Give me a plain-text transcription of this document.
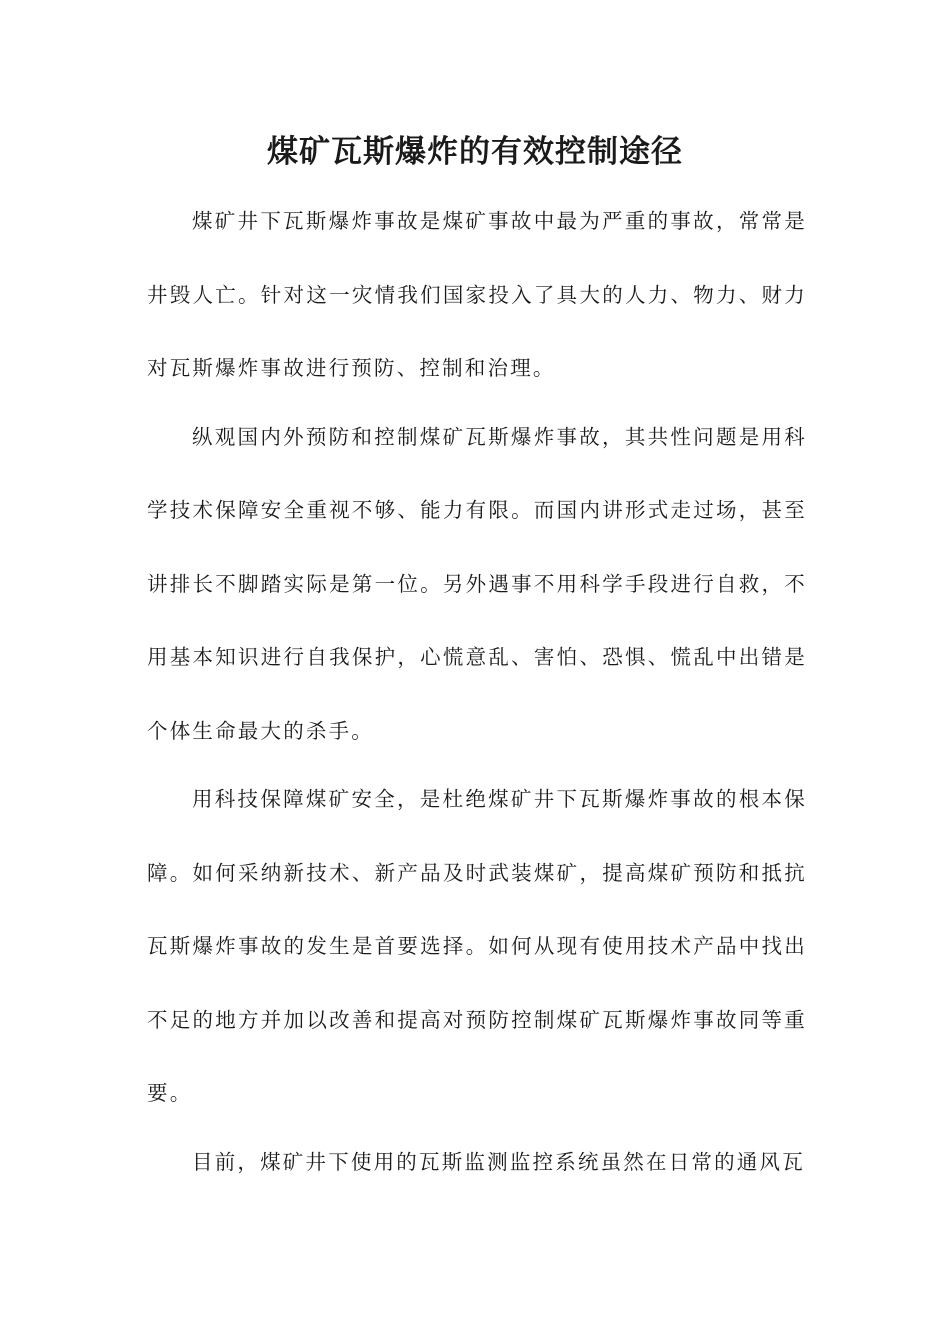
煤矿瓦斯爆炸的有效控制途径

煤矿井下瓦斯爆炸事故是煤矿事故中最为严重的事故，常常是井毁人亡。针对这一灾情我们国家投入了具大的人力、物力、财力对瓦斯爆炸事故进行预防、控制和治理。

纵观国内外预防和控制煤矿瓦斯爆炸事故，其共性问题是用科学技术保障安全重视不够、能力有限。而国内讲形式走过场，甚至讲排长不脚踏实际是第一位。另外遇事不用科学手段进行自救，不用基本知识进行自我保护，心慌意乱、害怕、恐惧、慌乱中出错是个体生命最大的杀手。

用科技保障煤矿安全，是杜绝煤矿井下瓦斯爆炸事故的根本保障。如何采纳新技术、新产品及时武装煤矿，提高煤矿预防和抵抗瓦斯爆炸事故的发生是首要选择。如何从现有使用技术产品中找出不足的地方并加以改善和提高对预防控制煤矿瓦斯爆炸事故同等重要。

目前，煤矿井下使用的瓦斯监测监控系统虽然在日常的通风瓦
